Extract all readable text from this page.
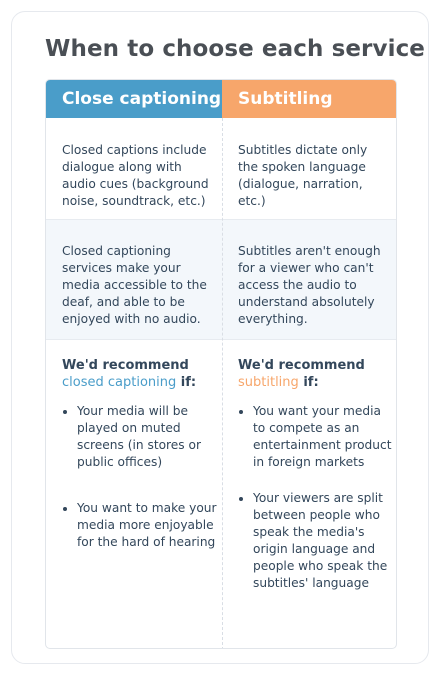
When to choose each service
Close captioning Subtitling
Closed captions include dialogue along with audio cues (background noise, soundtrack, etc.)
Subtitles dictate only the spoken language (dialogue, narration, etc.)
Closed captioning services make your media accessible to the deaf, and able to be enjoyed with no audio.
Subtitles aren't enough for a viewer who can't access the audio to understand absolutely everything.
We'd recommend
closed captioning if:
Your media will be played on muted screens (in stores or public offices)
You want to make your media more enjoyable for the hard of hearing
We'd recommend
subtitling if:
You want your media to compete as an entertainment product in foreign markets
Your viewers are split between people who speak the media's origin language and people who speak the subtitles' language
